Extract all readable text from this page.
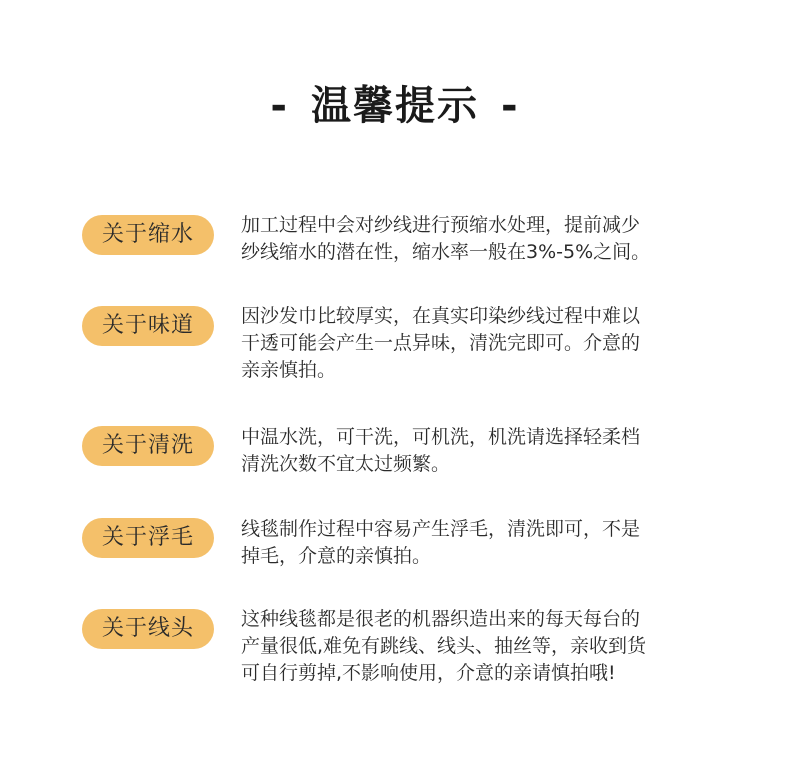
- 温馨提示 -
关于缩水	加工过程中会对纱线进行预缩水处理，提前减少
纱线缩水的潜在性，缩水率一般在3%-5%之间。

关于味道	因沙发巾比较厚实，在真实印染纱线过程中难以
干透可能会产生一点异味，清洗完即可。介意的
亲亲慎拍。

关于清洗	中温水洗，可干洗，可机洗，机洗请选择轻柔档
清洗次数不宜太过频繁。

关于浮毛	线毯制作过程中容易产生浮毛，清洗即可，不是
掉毛，介意的亲慎拍。

关于线头	这种线毯都是很老的机器织造出来的每天每台的
产量很低,难免有跳线、线头、抽丝等，亲收到货
可自行剪掉,不影响使用，介意的亲请慎拍哦!
